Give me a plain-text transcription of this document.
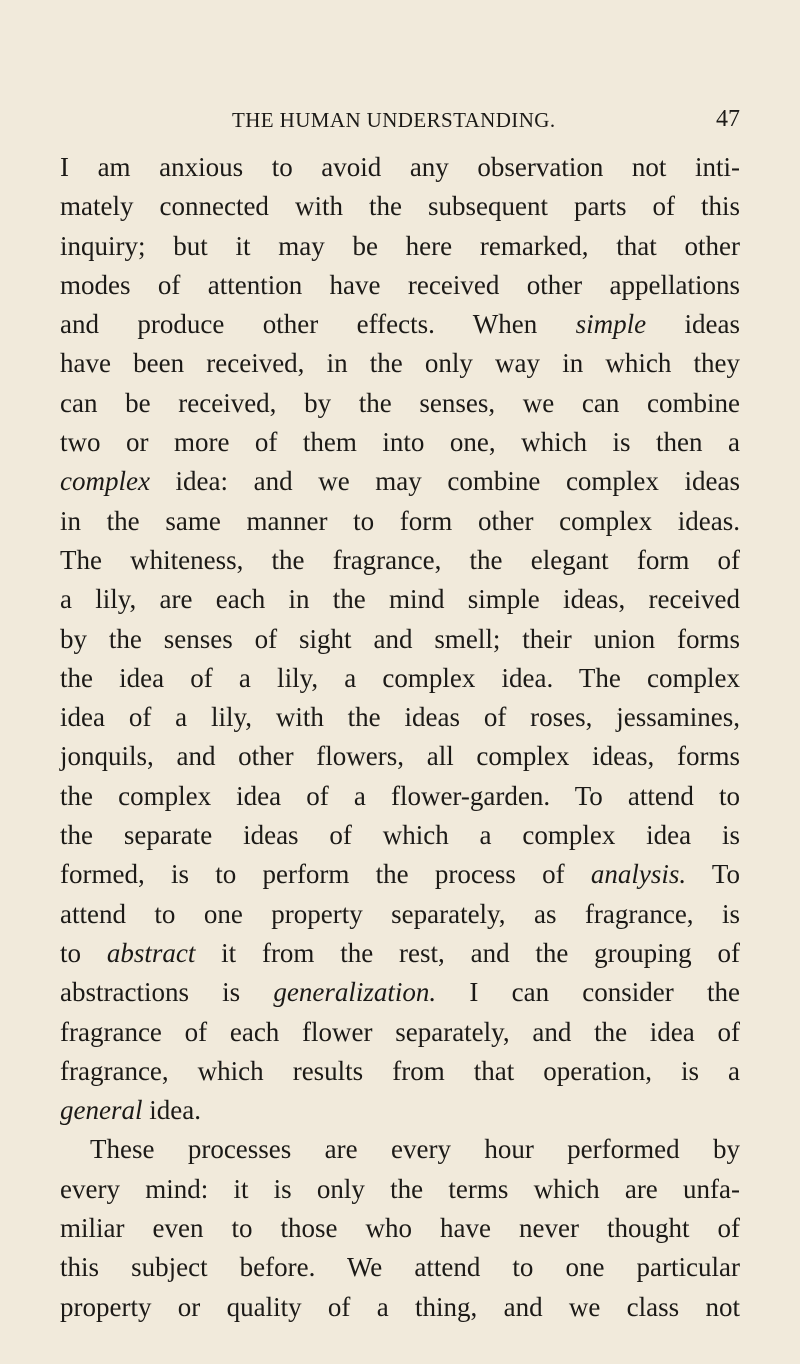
THE HUMAN UNDERSTANDING.	47
I am anxious to avoid any observation not inti-
mately connected with the subsequent parts of this
inquiry; but it may be here remarked, that other
modes of attention have received other appellations
and produce other effects. When simple ideas
have been received, in the only way in which they
can be received, by the senses, we can combine
two or more of them into one, which is then a
complex idea: and we may combine complex ideas
in the same manner to form other complex ideas.
The whiteness, the fragrance, the elegant form of
a lily, are each in the mind simple ideas, received
by the senses of sight and smell; their union forms
the idea of a lily, a complex idea. The complex
idea of a lily, with the ideas of roses, jessamines,
jonquils, and other flowers, all complex ideas, forms
the complex idea of a flower-garden. To attend to
the separate ideas of which a complex idea is
formed, is to perform the process of analysis. To
attend to one property separately, as fragrance, is
to abstract it from the rest, and the grouping of
abstractions is generalization. I can consider the
fragrance of each flower separately, and the idea of
fragrance, which results from that operation, is a
general idea.
These processes are every hour performed by
every mind: it is only the terms which are unfa-
miliar even to those who have never thought of
this subject before. We attend to one particular
property or quality of a thing, and we class not
